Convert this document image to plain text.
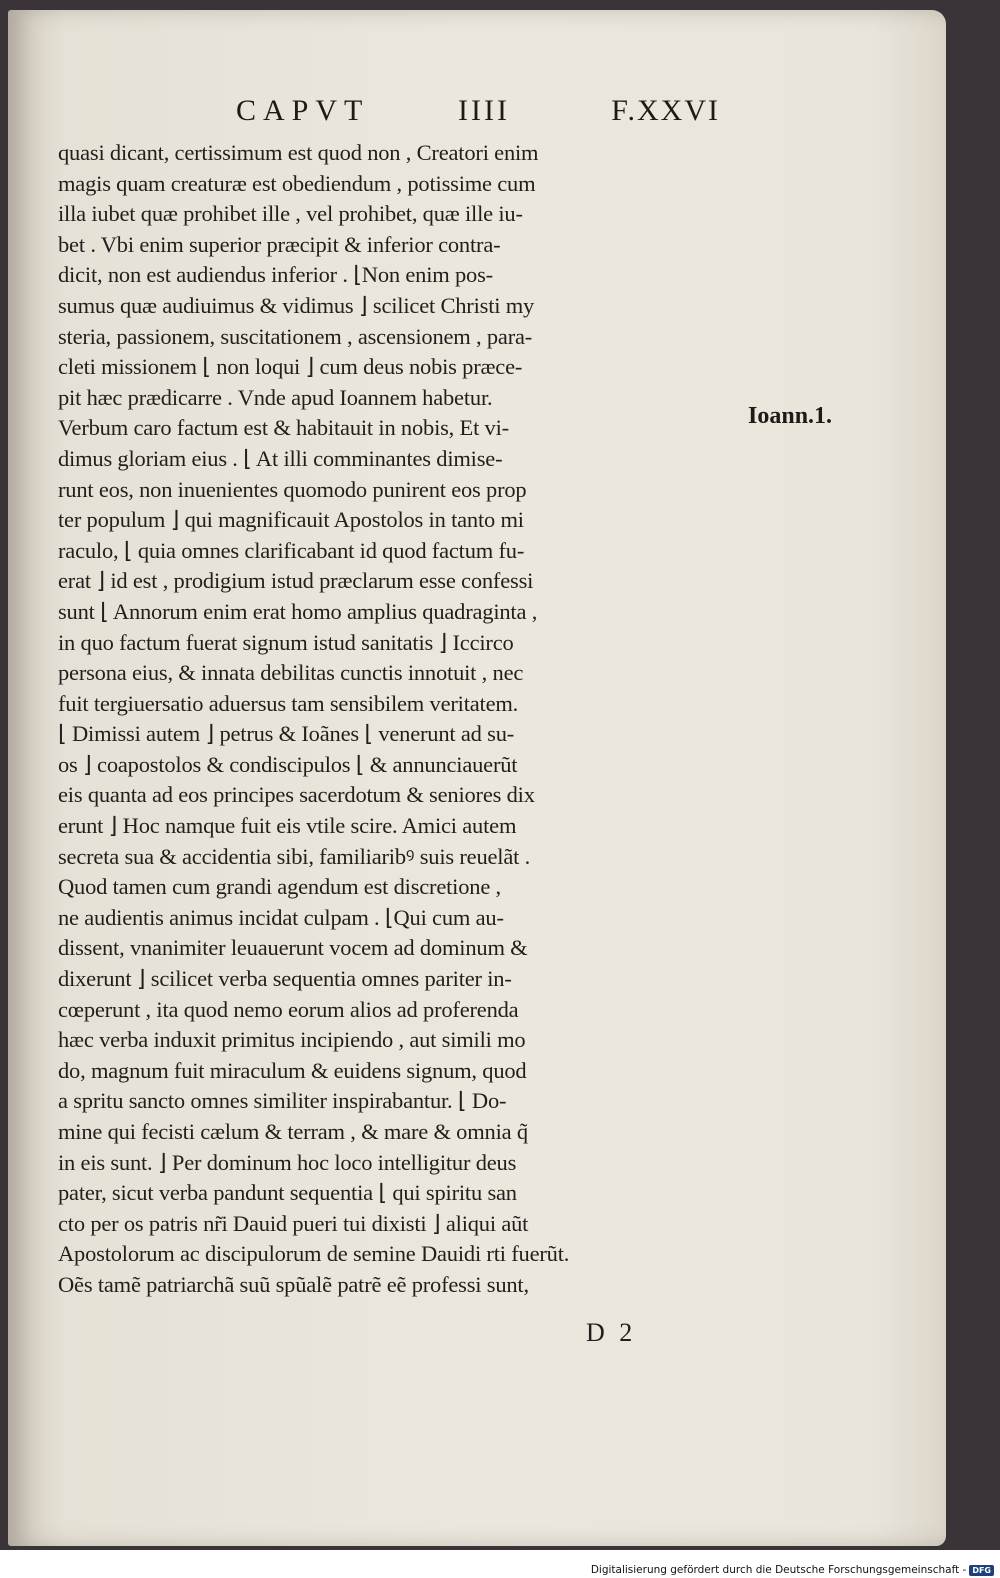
CAPVT	IIII	F.XXVI
quasi dicant, certissimum est quod non , Creatori enim
magis quam creaturæ est obediendum , potissime cum
illa iubet quæ prohibet ille , vel prohibet, quæ ille iu-
bet . Vbi enim superior præcipit & inferior contra-
dicit, non est audiendus inferior . ⌊Non enim pos-
sumus quæ audiuimus & vidimus ⌋ scilicet Christi my
steria, passionem, suscitationem , ascensionem , para-
cleti missionem ⌊ non loqui ⌋ cum deus nobis præce-
pit hæc prædicarre . Vnde apud Ioannem habetur.
Verbum caro factum est & habitauit in nobis, Et vi-
dimus gloriam eius . ⌊ At illi comminantes dimise-
runt eos, non inuenientes quomodo punirent eos prop
ter populum ⌋ qui magnificauit Apostolos in tanto mi
raculo, ⌊ quia omnes clarificabant id quod factum fu-
erat ⌋ id est , prodigium istud præclarum esse confessi
sunt ⌊ Annorum enim erat homo amplius quadraginta ,
in quo factum fuerat signum istud sanitatis ⌋ Iccirco
persona eius, & innata debilitas cunctis innotuit , nec
fuit tergiuersatio aduersus tam sensibilem veritatem.
⌊ Dimissi autem ⌋ petrus & Ioãnes ⌊ venerunt ad su-
os ⌋ coapostolos & condiscipulos ⌊ & annunciauerũt
eis quanta ad eos principes sacerdotum & seniores dix
erunt ⌋ Hoc namque fuit eis vtile scire. Amici autem
secreta sua & accidentia sibi, familiaribꝰ suis reuelãt .
Quod tamen cum grandi agendum est discretione ,
ne audientis animus incidat culpam . ⌊Qui cum au-
dissent, vnanimiter leuauerunt vocem ad dominum &
dixerunt ⌋ scilicet verba sequentia omnes pariter in-
cœperunt , ita quod nemo eorum alios ad proferenda
hæc verba induxit primitus incipiendo , aut simili mo
do, magnum fuit miraculum & euidens signum, quod
a spritu sancto omnes similiter inspirabantur. ⌊ Do-
mine qui fecisti cælum & terram , & mare & omnia q̃
in eis sunt. ⌋ Per dominum hoc loco intelligitur deus
pater, sicut verba pandunt sequentia ⌊ qui spiritu san
cto per os patris nr̃i Dauid pueri tui dixisti ⌋ aliqui aũt
Apostolorum ac discipulorum de semine Dauidi rti fuerũt.
Oẽs tamẽ patriarchã suũ spũalẽ patrẽ eẽ professi sunt,
Ioann.1.
D 2
Digitalisierung gefördert durch die Deutsche Forschungsgemeinschaft - DFG
